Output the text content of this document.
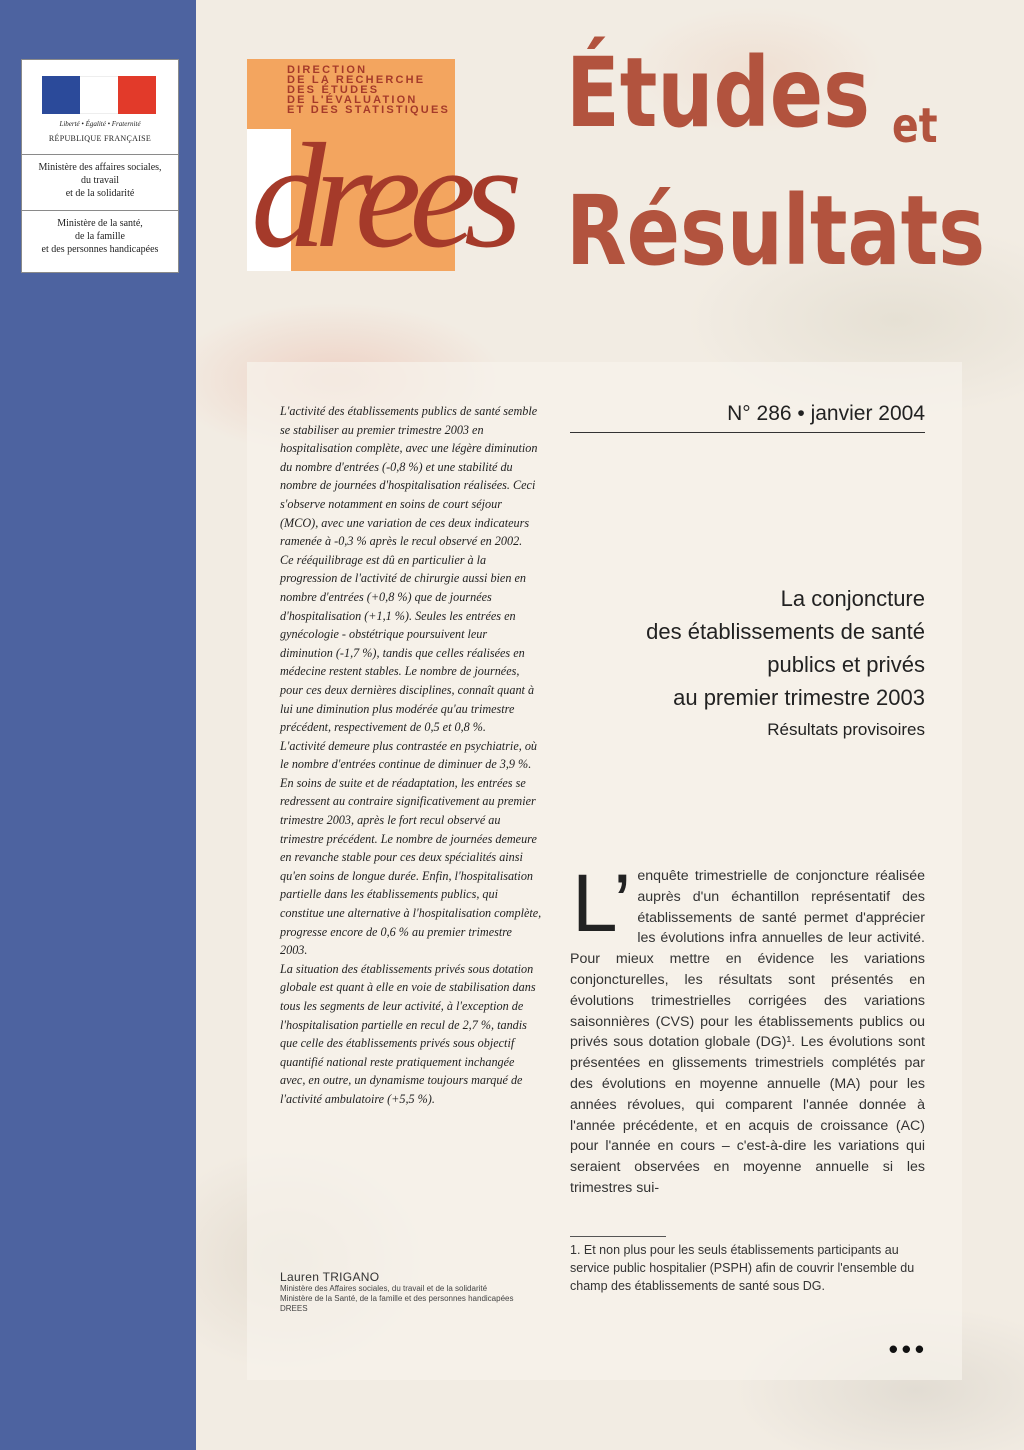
Liberté • Égalité • Fraternité
RÉPUBLIQUE FRANÇAISE
Ministère des affaires sociales,
du travail
et de la solidarité
Ministère de la santé,
de la famille
et des personnes handicapées
DIRECTION
DE LA RECHERCHE
DES ÉTUDES
DE L'ÉVALUATION
ET DES STATISTIQUES
drees
Études et
Résultats

L'activité des établissements publics de santé semble se stabiliser au premier trimestre 2003 en hospitalisation complète, avec une légère diminution du nombre d'entrées (-0,8 %) et une stabilité du nombre de journées d'hospitalisation réalisées. Ceci s'observe notamment en soins de court séjour (MCO), avec une variation de ces deux indicateurs ramenée à -0,3 % après le recul observé en 2002.

Ce rééquilibrage est dû en particulier à la progression de l'activité de chirurgie aussi bien en nombre d'entrées (+0,8 %) que de journées d'hospitalisation (+1,1 %). Seules les entrées en gynécologie - obstétrique poursuivent leur diminution (-1,7 %), tandis que celles réalisées en médecine restent stables. Le nombre de journées, pour ces deux dernières disciplines, connaît quant à lui une diminution plus modérée qu'au trimestre précédent, respectivement de 0,5 et 0,8 %.

L'activité demeure plus contrastée en psychiatrie, où le nombre d'entrées continue de diminuer de 3,9 %. En soins de suite et de réadaptation, les entrées se redressent au contraire significativement au premier trimestre 2003, après le fort recul observé au trimestre précédent. Le nombre de journées demeure en revanche stable pour ces deux spécialités ainsi qu'en soins de longue durée. Enfin, l'hospitalisation partielle dans les établissements publics, qui constitue une alternative à l'hospitalisation complète, progresse encore de 0,6 % au premier trimestre 2003.

La situation des établissements privés sous dotation globale est quant à elle en voie de stabilisation dans tous les segments de leur activité, à l'exception de l'hospitalisation partielle en recul de 2,7 %, tandis que celle des établissements privés sous objectif quantifié national reste pratiquement inchangée avec, en outre, un dynamisme toujours marqué de l'activité ambulatoire (+5,5 %).

Lauren TRIGANO
Ministère des Affaires sociales, du travail et de la solidarité
Ministère de la Santé, de la famille et des personnes handicapées
DREES
N° 286 • janvier 2004
La conjoncture
des établissements de santé
publics et privés
au premier trimestre 2003
Résultats provisoires
L’ enquête trimestrielle de conjoncture réalisée auprès d'un échantillon représentatif des établissements de santé permet d'apprécier les évolutions infra annuelles de leur activité. Pour mieux mettre en évidence les variations conjoncturelles, les résultats sont présentés en évolutions trimestrielles corrigées des variations saisonnières (CVS) pour les établissements publics ou privés sous dotation globale (DG)¹. Les évolutions sont présentées en glissements trimestriels complétés par des évolutions en moyenne annuelle (MA) pour les années révolues, qui comparent l'année donnée à l'année précédente, et en acquis de croissance (AC) pour l'année en cours – c'est-à-dire les variations qui seraient observées en moyenne annuelle si les trimestres sui-
1. Et non plus pour les seuls établissements participants au service public hospitalier (PSPH) afin de couvrir l'ensemble du champ des établissements de santé sous DG.
•••
